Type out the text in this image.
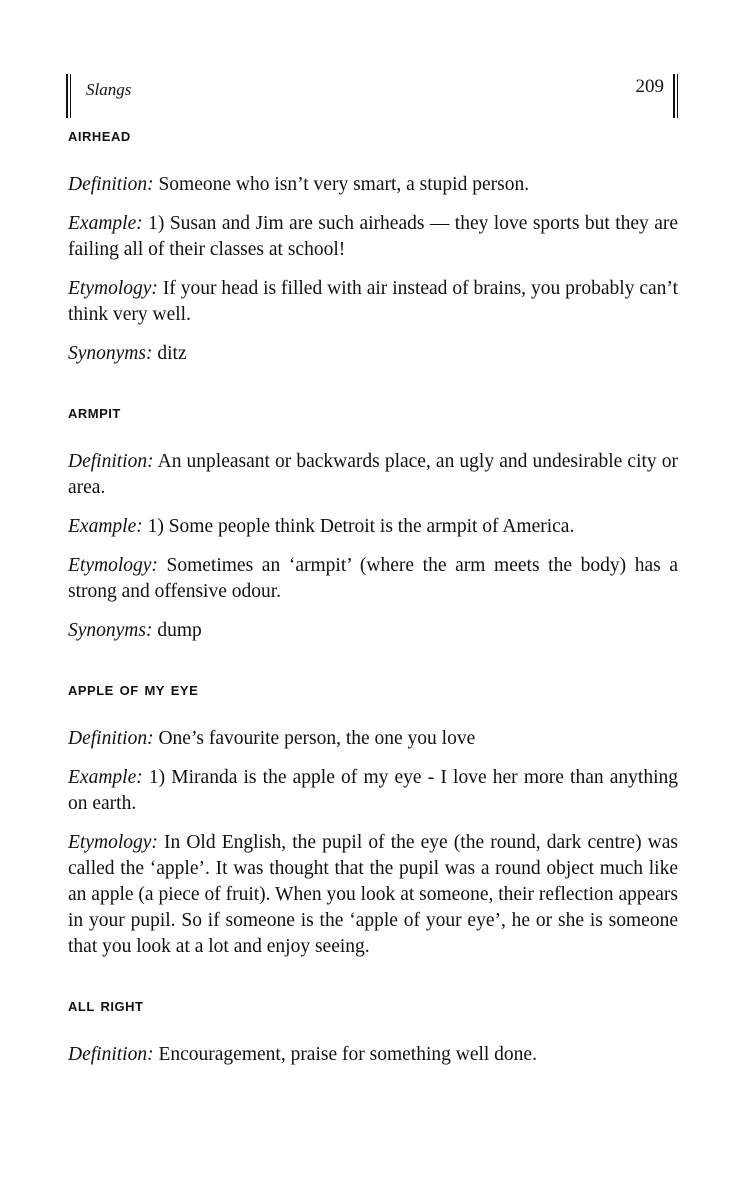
Slangs	209
airhead

Definition: Someone who isn’t very smart, a stupid person.

Example: 1) Susan and Jim are such airheads — they love sports but they are failing all of their classes at school!

Etymology: If your head is filled with air instead of brains, you probably can’t think very well.

Synonyms: ditz

armpit

Definition: An unpleasant or backwards place, an ugly and undesirable city or area.

Example: 1) Some people think Detroit is the armpit of America.

Etymology: Sometimes an ‘armpit’ (where the arm meets the body) has a strong and offensive odour.

Synonyms: dump

apple of my eye

Definition: One’s favourite person, the one you love

Example: 1) Miranda is the apple of my eye - I love her more than anything on earth.

Etymology: In Old English, the pupil of the eye (the round, dark centre) was called the ‘apple’. It was thought that the pupil was a round object much like an apple (a piece of fruit). When you look at someone, their reflection appears in your pupil. So if someone is the ‘apple of your eye’, he or she is someone that you look at a lot and enjoy seeing.

all right

Definition: Encouragement, praise for something well done.
